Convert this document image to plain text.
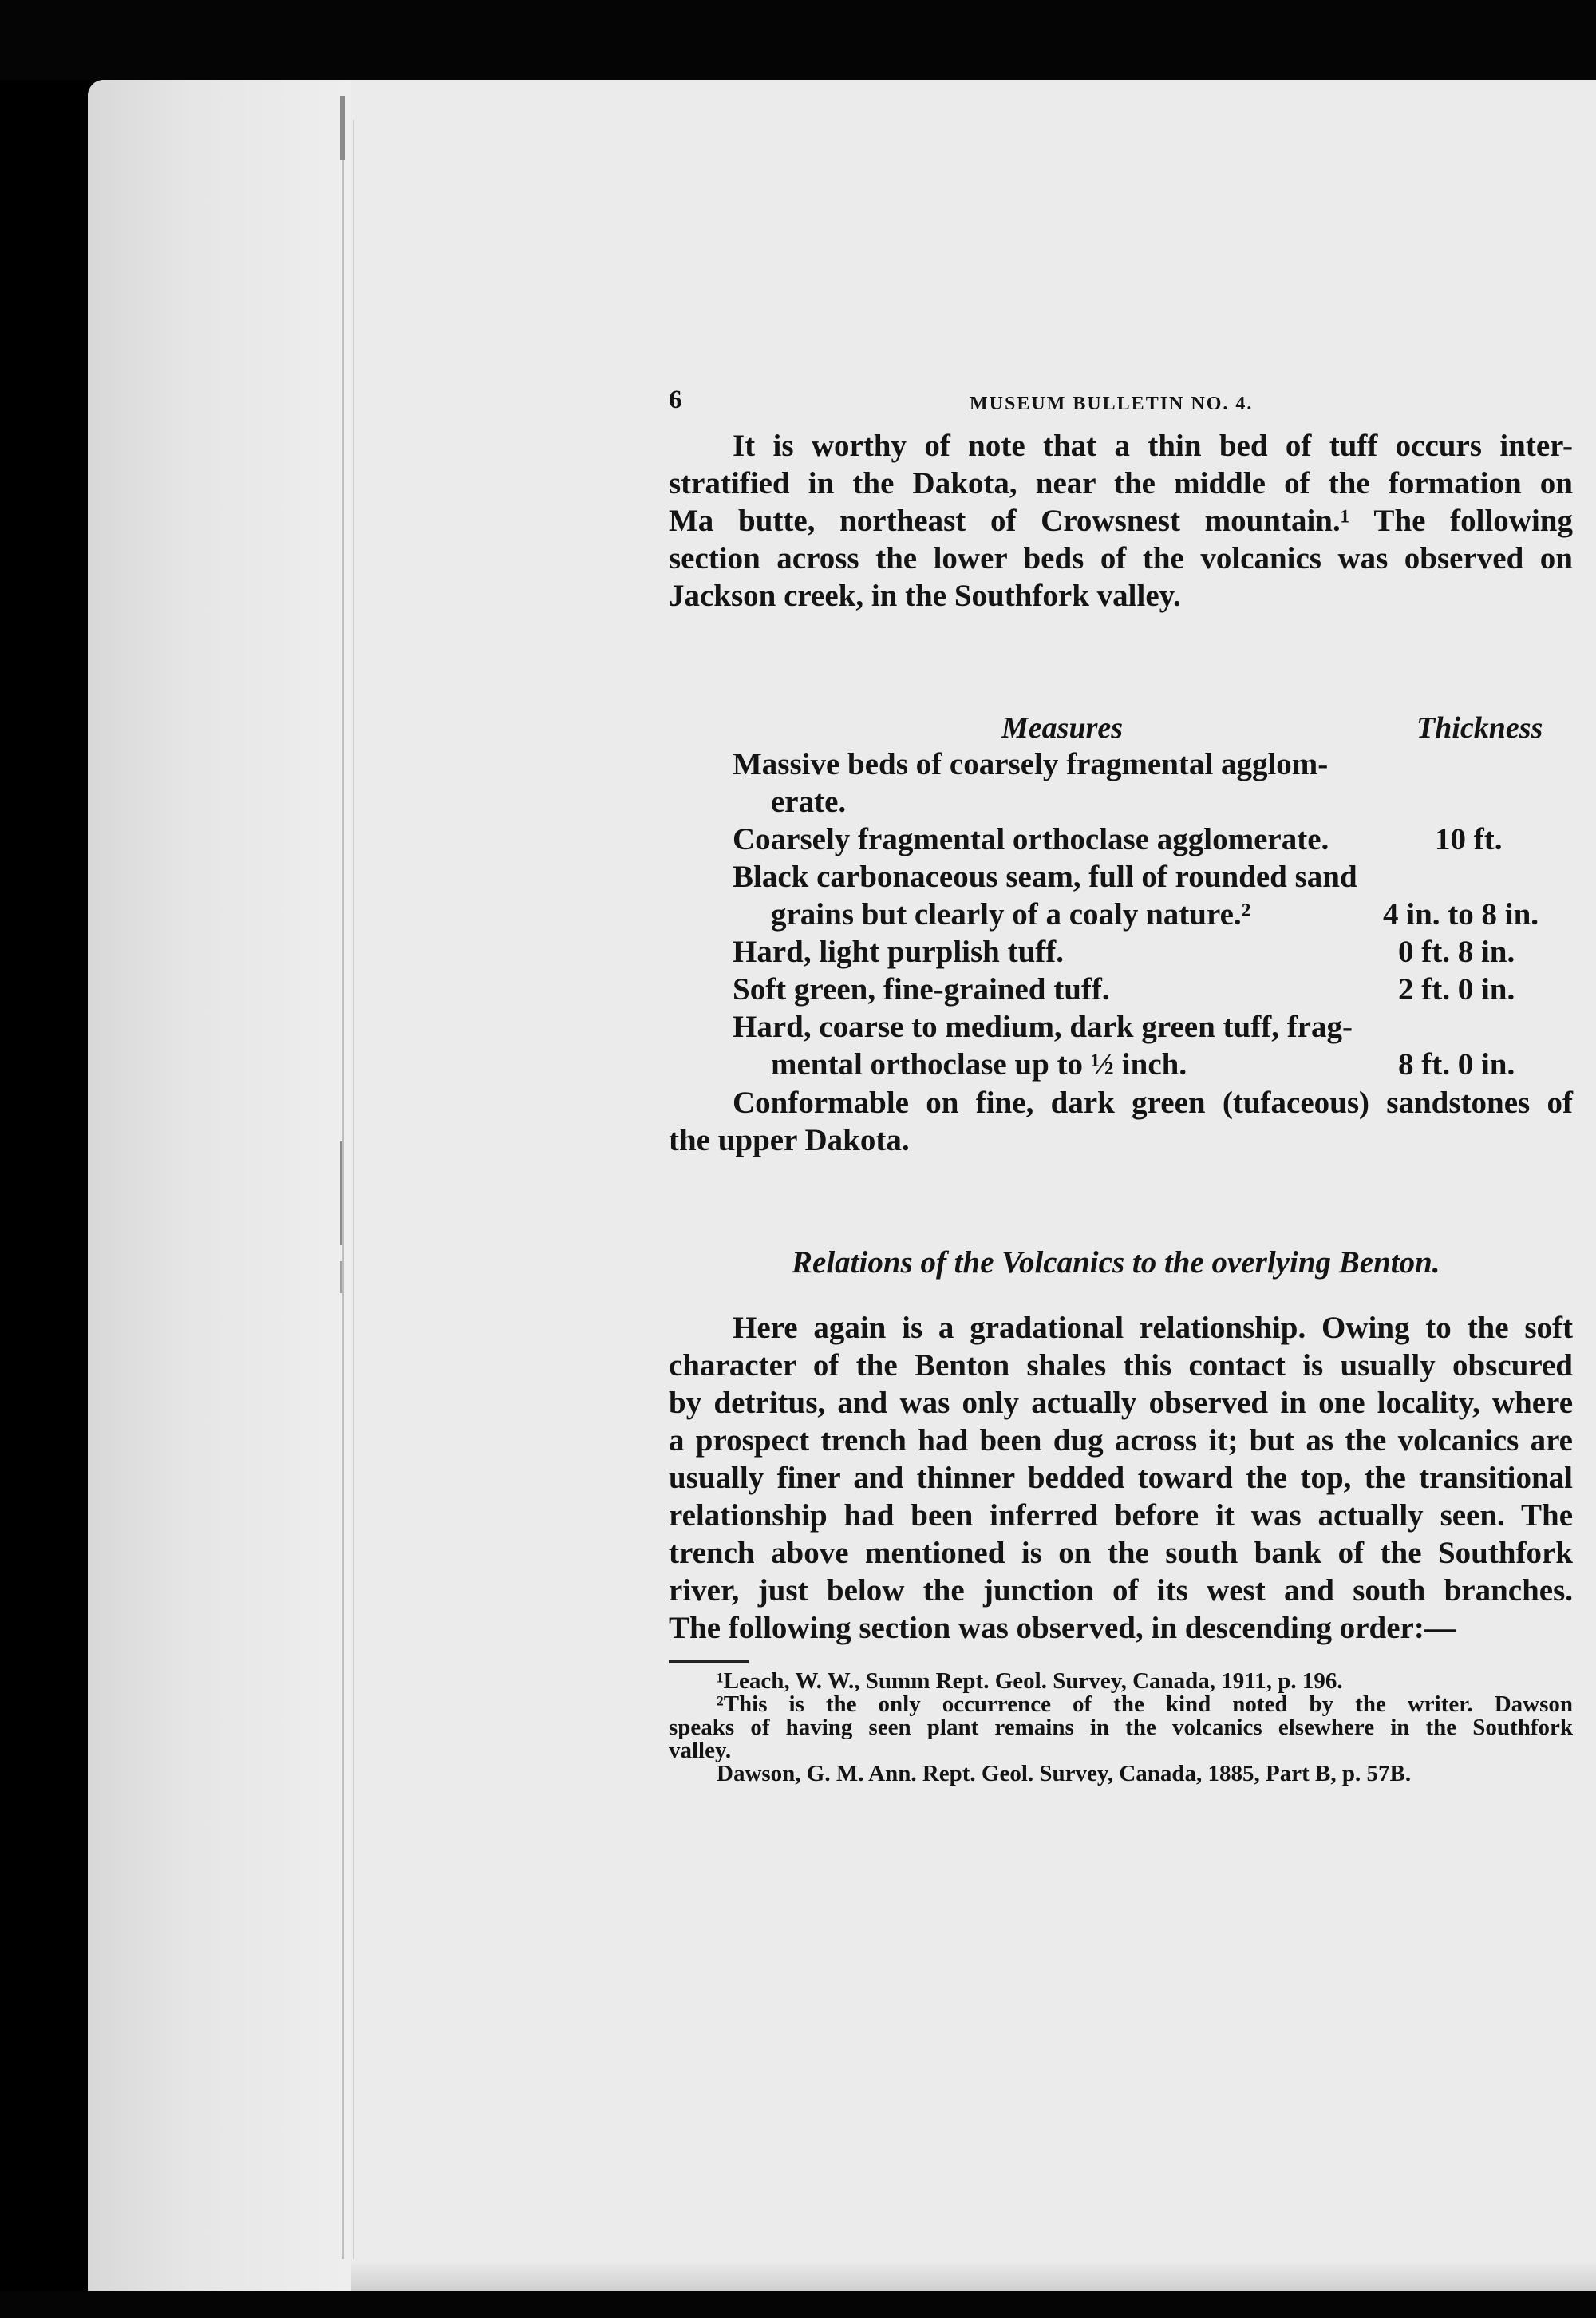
6	MUSEUM BULLETIN NO. 4.
It is worthy of note that a thin bed of tuff occurs inter-
stratified in the Dakota, near the middle of the formation on
Ma butte, northeast of Crowsnest mountain.¹ The following
section across the lower beds of the volcanics was observed on
Jackson creek, in the Southfork valley.
Measures	Thickness
Massive beds of coarsely fragmental agglom-
erate.
Coarsely fragmental orthoclase agglomerate.	10 ft.
Black carbonaceous seam, full of rounded sand
grains but clearly of a coaly nature.²	4 in. to 8 in.
Hard, light purplish tuff.	0 ft. 8 in.
Soft green, fine-grained tuff.	2 ft. 0 in.
Hard, coarse to medium, dark green tuff, frag-
mental orthoclase up to ½ inch.	8 ft. 0 in.
Conformable on fine, dark green (tufaceous) sandstones of
the upper Dakota.
Relations of the Volcanics to the overlying Benton.
Here again is a gradational relationship. Owing to the soft
character of the Benton shales this contact is usually obscured
by detritus, and was only actually observed in one locality, where
a prospect trench had been dug across it; but as the volcanics are
usually finer and thinner bedded toward the top, the transitional
relationship had been inferred before it was actually seen. The
trench above mentioned is on the south bank of the Southfork
river, just below the junction of its west and south branches.
The following section was observed, in descending order:—
¹Leach, W. W., Summ Rept. Geol. Survey, Canada, 1911, p. 196.
²This is the only occurrence of the kind noted by the writer. Dawson
speaks of having seen plant remains in the volcanics elsewhere in the Southfork
valley.
Dawson, G. M. Ann. Rept. Geol. Survey, Canada, 1885, Part B, p. 57B.
